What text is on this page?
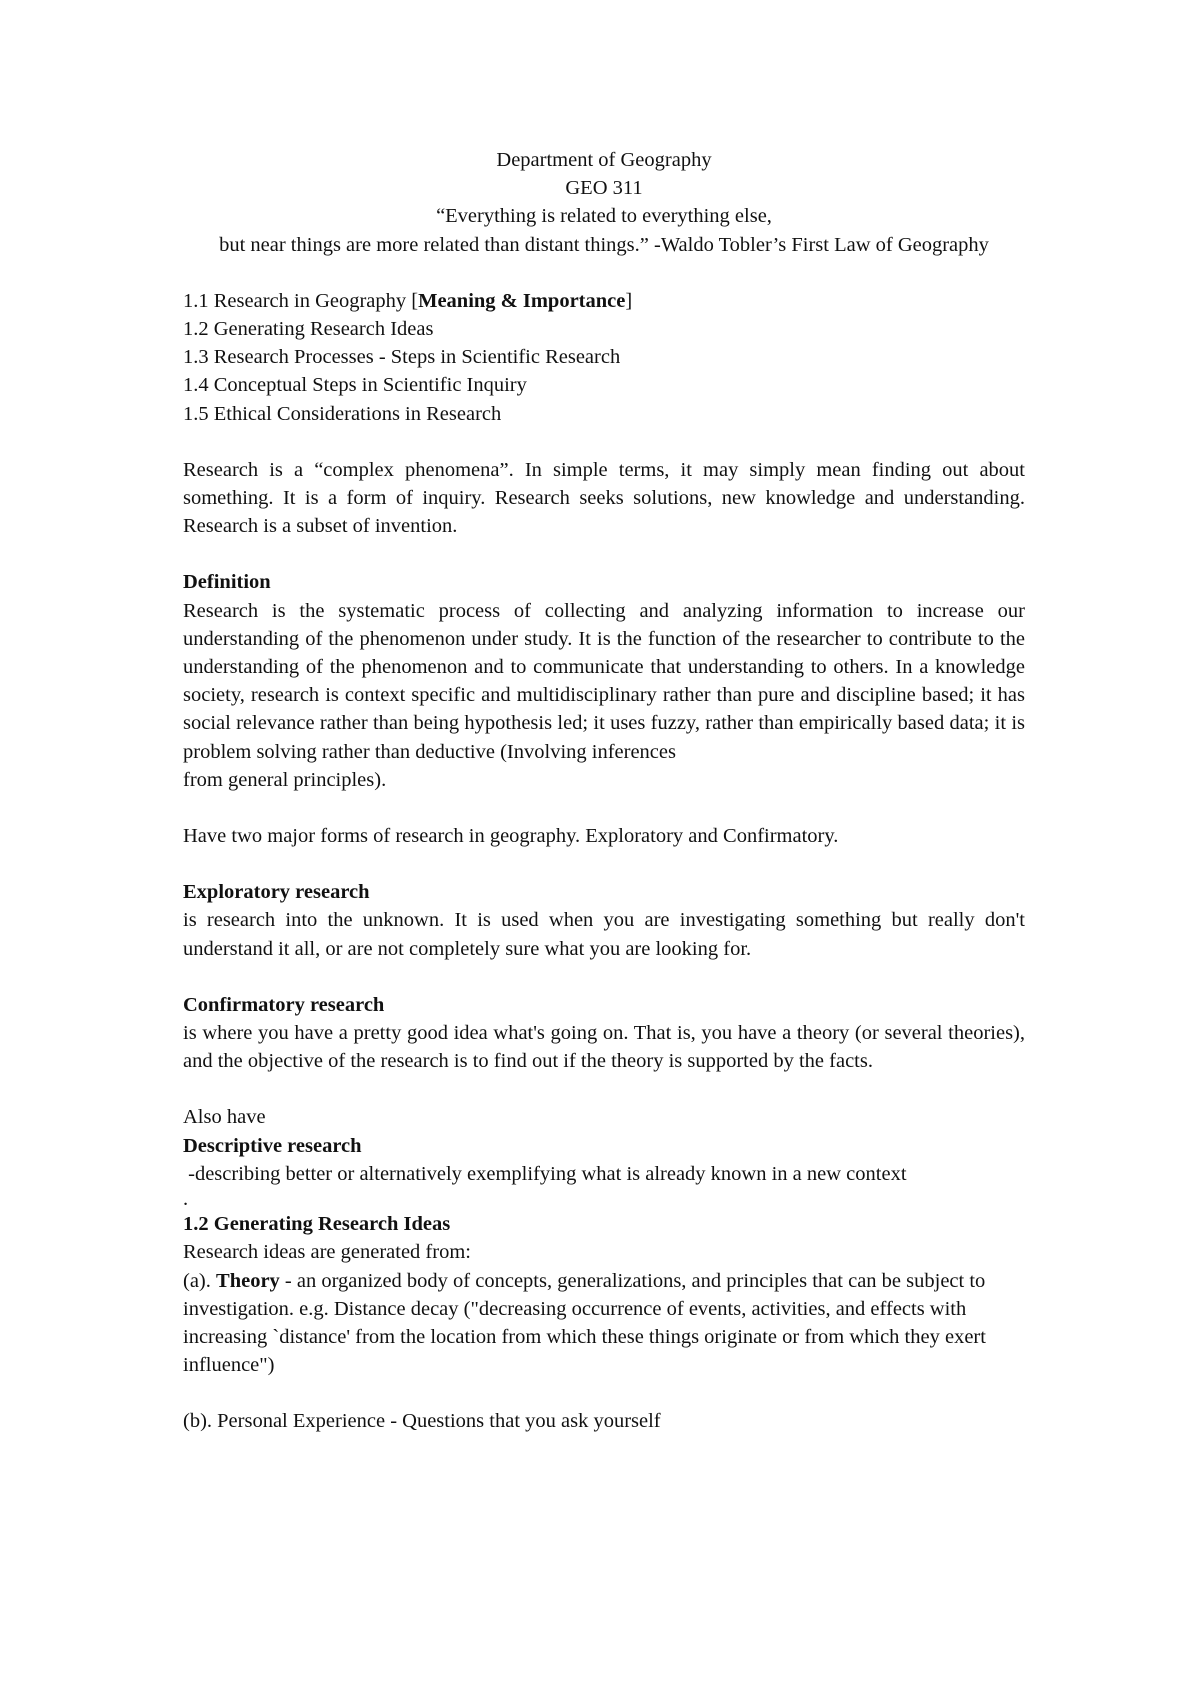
Department of Geography

GEO 311

“Everything is related to everything else,

but near things are more related than distant things.” -Waldo Tobler’s First Law of Geography

1.1 Research in Geography [Meaning & Importance]

1.2 Generating Research Ideas

1.3 Research Processes - Steps in Scientific Research

1.4 Conceptual Steps in Scientific Inquiry

1.5 Ethical Considerations in Research

Research is a “complex phenomena”. In simple terms, it may simply mean finding out about something. It is a form of inquiry. Research seeks solutions, new knowledge and understanding. Research is a subset of invention.

Definition

Research is the systematic process of collecting and analyzing information to increase our understanding of the phenomenon under study. It is the function of the researcher to contribute to the understanding of the phenomenon and to communicate that understanding to others. In a knowledge society, research is context specific and multidisciplinary rather than pure and discipline based; it has social relevance rather than being hypothesis led; it uses fuzzy, rather than empirically based data; it is problem solving rather than deductive (Involving inferences

from general principles).

Have two major forms of research in geography. Exploratory and Confirmatory.

Exploratory research

is research into the unknown. It is used when you are investigating something but really don't understand it all, or are not completely sure what you are looking for.

Confirmatory research

is where you have a pretty good idea what's going on. That is, you have a theory (or several theories), and the objective of the research is to find out if the theory is supported by the facts.

Also have

Descriptive research

-describing better or alternatively exemplifying what is already known in a new context

.

1.2 Generating Research Ideas

Research ideas are generated from:

(a). Theory - an organized body of concepts, generalizations, and principles that can be subject to investigation. e.g. Distance decay ("decreasing occurrence of events, activities, and effects with increasing `distance' from the location from which these things originate or from which they exert influence")

(b). Personal Experience - Questions that you ask yourself
